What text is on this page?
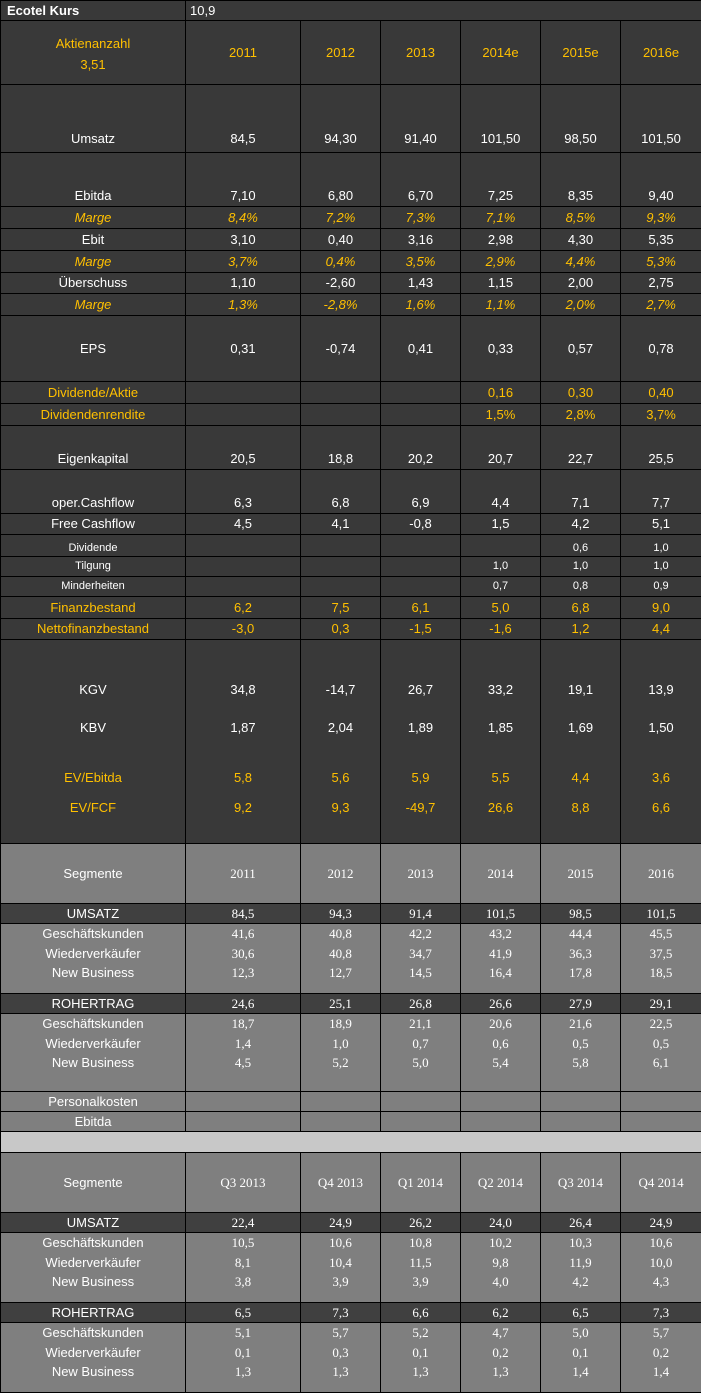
Ecotel Kurs	10,9					

Aktienanzahl
3,51	2011	2012	2013	2014e	2015e	2016e
Umsatz	84,5	94,30	91,40	101,50	98,50	101,50
Ebitda	7,10	6,80	6,70	7,25	8,35	9,40
Marge	8,4%	7,2%	7,3%	7,1%	8,5%	9,3%
Ebit	3,10	0,40	3,16	2,98	4,30	5,35
Marge	3,7%	0,4%	3,5%	2,9%	4,4%	5,3%
Überschuss	1,10	-2,60	1,43	1,15	2,00	2,75
Marge	1,3%	-2,8%	1,6%	1,1%	2,0%	2,7%
EPS	0,31	-0,74	0,41	0,33	0,57	0,78
Dividende/Aktie				0,16	0,30	0,40
Dividendenrendite				1,5%	2,8%	3,7%
Eigenkapital	20,5	18,8	20,2	20,7	22,7	25,5
oper.Cashflow	6,3	6,8	6,9	4,4	7,1	7,7
Free Cashflow	4,5	4,1	-0,8	1,5	4,2	5,1
Dividende					0,6	1,0
Tilgung				1,0	1,0	1,0
Minderheiten				0,7	0,8	0,9
Finanzbestand	6,2	7,5	6,1	5,0	6,8	9,0
Nettofinanzbestand	-3,0	0,3	-1,5	-1,6	1,2	4,4
KGV	34,8	-14,7	26,7	33,2	19,1	13,9
KBV	1,87	2,04	1,89	1,85	1,69	1,50
EV/Ebitda	5,8	5,6	5,9	5,5	4,4	3,6
EV/FCF	9,2	9,3	-49,7	26,6	8,8	6,6
Segmente	2011	2012	2013	2014	2015	2016
UMSATZ	84,5	94,3	91,4	101,5	98,5	101,5
Geschäftskunden	41,6	40,8	42,2	43,2	44,4	45,5
Wiederverkäufer	30,6	40,8	34,7	41,9	36,3	37,5
New Business	12,3	12,7	14,5	16,4	17,8	18,5
ROHERTRAG	24,6	25,1	26,8	26,6	27,9	29,1
Geschäftskunden	18,7	18,9	21,1	20,6	21,6	22,5
Wiederverkäufer	1,4	1,0	0,7	0,6	0,5	0,5
New Business	4,5	5,2	5,0	5,4	5,8	6,1
Personalkosten						
Ebitda						

Segmente	Q3 2013	Q4 2013	Q1 2014	Q2 2014	Q3 2014	Q4 2014
UMSATZ	22,4	24,9	26,2	24,0	26,4	24,9
Geschäftskunden	10,5	10,6	10,8	10,2	10,3	10,6
Wiederverkäufer	8,1	10,4	11,5	9,8	11,9	10,0
New Business	3,8	3,9	3,9	4,0	4,2	4,3
ROHERTRAG	6,5	7,3	6,6	6,2	6,5	7,3
Geschäftskunden	5,1	5,7	5,2	4,7	5,0	5,7
Wiederverkäufer	0,1	0,3	0,1	0,2	0,1	0,2
New Business	1,3	1,3	1,3	1,3	1,4	1,4
